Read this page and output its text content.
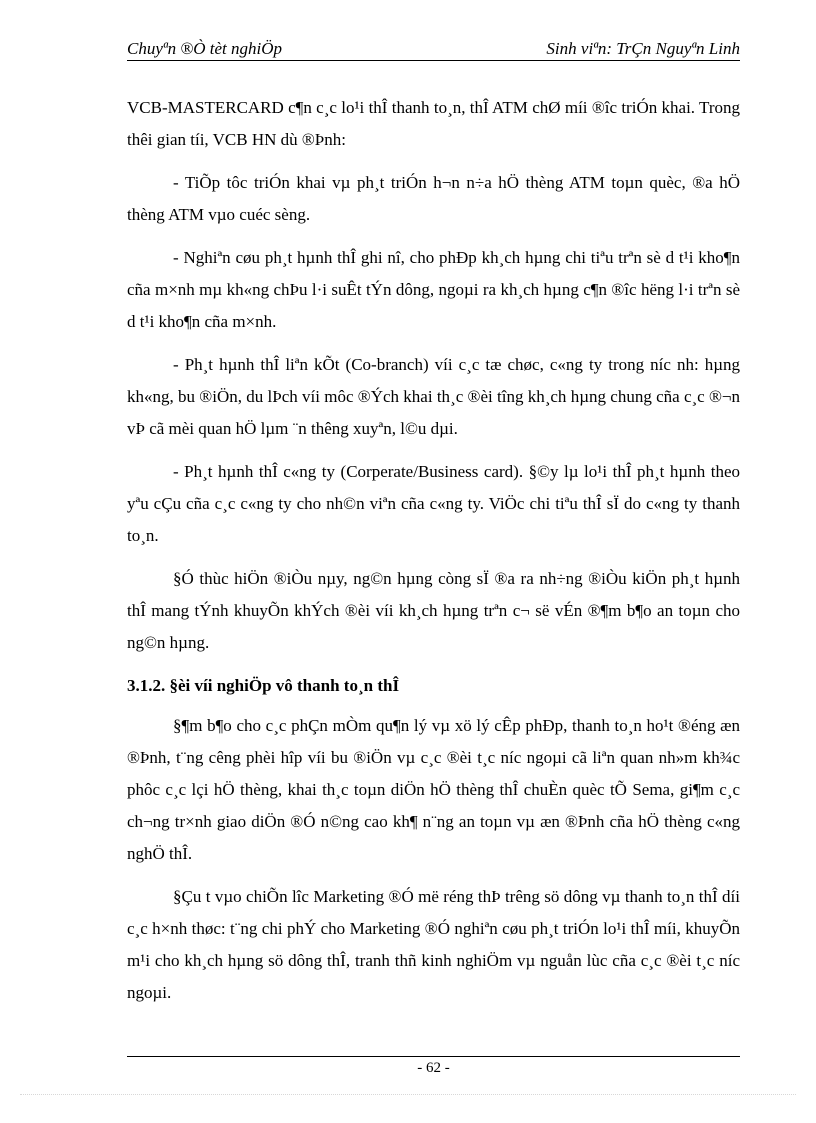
Chuyªn ®Ò tèt nghiÖp	Sinh viªn: TrÇn Nguyªn Linh

VCB-MASTERCARD c¶n c¸c lo¹i thÎ thanh to¸n, thÎ ATM chØ míi ®îc triÓn khai. Trong thêi gian tíi, VCB HN dù ®Þnh:

- TiÕp tôc triÓn khai vµ ph¸t triÓn h¬n n÷a hÖ thèng ATM toµn quèc, ®a hÖ thèng ATM vµo cuéc sèng.

- Nghiªn cøu ph¸t hµnh thÎ ghi nî, cho phÐp kh¸ch hµng chi tiªu trªn sè d t¹i kho¶n cña m×nh mµ kh«ng chÞu l·i suÊt tÝn dông, ngoµi ra kh¸ch hµng c¶n ®îc hëng l·i trªn sè d t¹i kho¶n cña m×nh.

- Ph¸t hµnh thÎ liªn kÕt (Co-branch) víi c¸c tæ chøc, c«ng ty trong níc nh: hµng kh«ng, bu ®iÖn, du lÞch víi môc ®Ých khai th¸c ®èi tîng kh¸ch hµng chung cña c¸c ®¬n vÞ cã mèi quan hÖ lµm ¨n thêng xuyªn, l©u dµi.

- Ph¸t hµnh thÎ c«ng ty (Corperate/Business card). §©y lµ lo¹i thÎ ph¸t hµnh theo yªu cÇu cña c¸c c«ng ty cho nh©n viªn cña c«ng ty. ViÖc chi tiªu thÎ sÏ do c«ng ty thanh to¸n.

§Ó thùc hiÖn ®iÒu nµy, ng©n hµng còng sÏ ®a ra nh÷ng ®iÒu kiÖn ph¸t hµnh thÎ mang tÝnh khuyÕn khÝch ®èi víi kh¸ch hµng trªn c¬ së vÉn ®¶m b¶o an toµn cho ng©n hµng.

3.1.2. §èi víi nghiÖp vô thanh to¸n thÎ

§¶m b¶o cho c¸c phÇn mÒm qu¶n lý vµ xö lý cÊp phÐp, thanh to¸n ho¹t ®éng æn ®Þnh, t¨ng cêng phèi hîp víi bu ®iÖn vµ c¸c ®èi t¸c níc ngoµi cã liªn quan nh»m kh¾c phôc c¸c lçi hÖ thèng, khai th¸c toµn diÖn hÖ thèng thÎ chuÈn quèc tÕ Sema, gi¶m c¸c ch¬ng tr×nh giao diÖn ®Ó n©ng cao kh¶ n¨ng an toµn vµ æn ®Þnh cña hÖ thèng c«ng nghÖ thÎ.

§Çu t vµo chiÕn lîc Marketing ®Ó më réng thÞ trêng sö dông vµ thanh to¸n thÎ díi c¸c h×nh thøc: t¨ng chi phÝ cho Marketing ®Ó nghiªn cøu ph¸t triÓn lo¹i thÎ míi, khuyÕn m¹i cho kh¸ch hµng sö dông thÎ, tranh thñ kinh nghiÖm vµ nguån lùc cña c¸c ®èi t¸c níc ngoµi.

- 62 -
